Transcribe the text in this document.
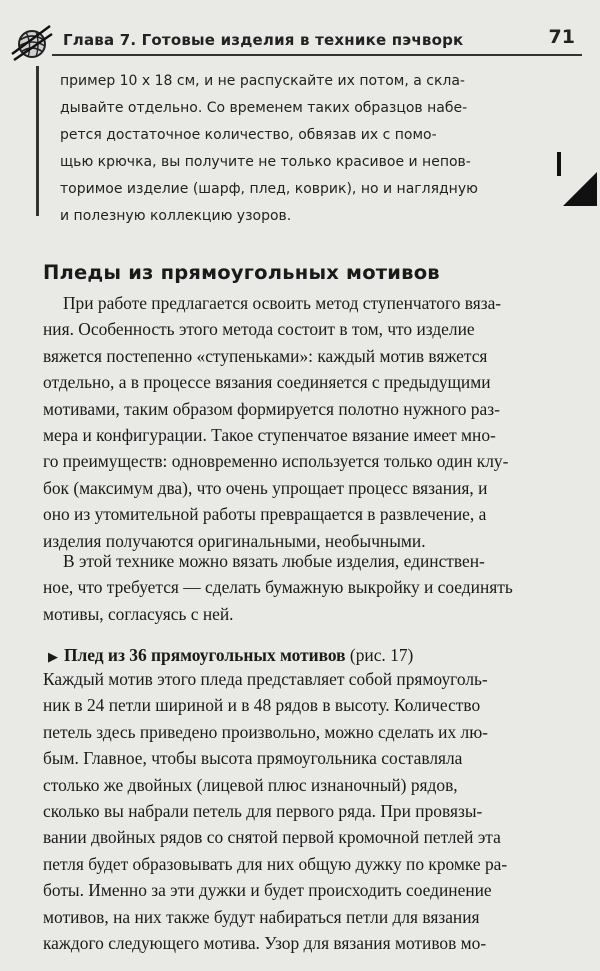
Глава 7. Готовые изделия в технике пэчворк	71
пример 10 x 18 см, и не распускайте их потом, а скла-
дывайте отдельно. Со временем таких образцов набе-
рется достаточное количество, обвязав их с помо-
щью крючка, вы получите не только красивое и непов-
торимое изделие (шарф, плед, коврик), но и наглядную
и полезную коллекцию узоров.
Пледы из прямоугольных мотивов
При работе предлагается освоить метод ступенчатого вяза-
ния. Особенность этого метода состоит в том, что изделие
вяжется постепенно «ступеньками»: каждый мотив вяжется
отдельно, а в процессе вязания соединяется с предыдущими
мотивами, таким образом формируется полотно нужного раз-
мера и конфигурации. Такое ступенчатое вязание имеет мно-
го преимуществ: одновременно используется только один клу-
бок (максимум два), что очень упрощает процесс вязания, и
оно из утомительной работы превращается в развлечение, а
изделия получаются оригинальными, необычными.
В этой технике можно вязать любые изделия, единствен-
ное, что требуется — сделать бумажную выкройку и соединять
мотивы, согласуясь с ней.
▶ Плед из 36 прямоугольных мотивов (рис. 17)
Каждый мотив этого пледа представляет собой прямоуголь-
ник в 24 петли шириной и в 48 рядов в высоту. Количество
петель здесь приведено произвольно, можно сделать их лю-
бым. Главное, чтобы высота прямоугольника составляла
столько же двойных (лицевой плюс изнаночный) рядов,
сколько вы набрали петель для первого ряда. При провязы-
вании двойных рядов со снятой первой кромочной петлей эта
петля будет образовывать для них общую дужку по кромке ра-
боты. Именно за эти дужки и будет происходить соединение
мотивов, на них также будут набираться петли для вязания
каждого следующего мотива. Узор для вязания мотивов мо-
